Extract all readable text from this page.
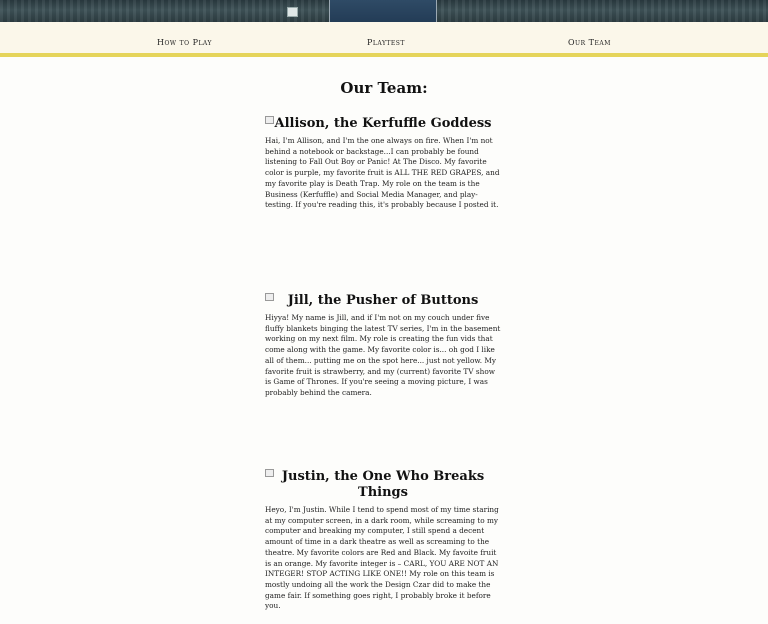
How to Play	Playtest	Our Team
Our Team:
Allison, the Kerfuffle Goddess

Hai, I'm Allison, and I'm the one always on fire. When I'm not behind a notebook or backstage...I can probably be found listening to Fall Out Boy or Panic! At The Disco. My favorite color is purple, my favorite fruit is ALL THE RED GRAPES, and my favorite play is Death Trap. My role on the team is the Business (Kerfuffle) and Social Media Manager, and play-testing. If you're reading this, it's probably because I posted it.

Jill, the Pusher of Buttons

Hiyya! My name is Jill, and if I'm not on my couch under five fluffy blankets binging the latest TV series, I'm in the basement working on my next film. My role is creating the fun vids that come along with the game. My favorite color is... oh god I like all of them... putting me on the spot here... just not yellow. My favorite fruit is strawberry, and my (current) favorite TV show is Game of Thrones. If you're seeing a moving picture, I was probably behind the camera.

Justin, the One Who Breaks Things

Heyo, I'm Justin. While I tend to spend most of my time staring at my computer screen, in a dark room, while screaming to my computer and breaking my computer, I still spend a decent amount of time in a dark theatre as well as screaming to the theatre. My favorite colors are Red and Black. My favoite fruit is an orange. My favorite integer is – CARL, YOU ARE NOT AN INTEGER! STOP ACTING LIKE ONE!! My role on this team is mostly undoing all the work the Design Czar did to make the game fair. If something goes right, I probably broke it before you.
